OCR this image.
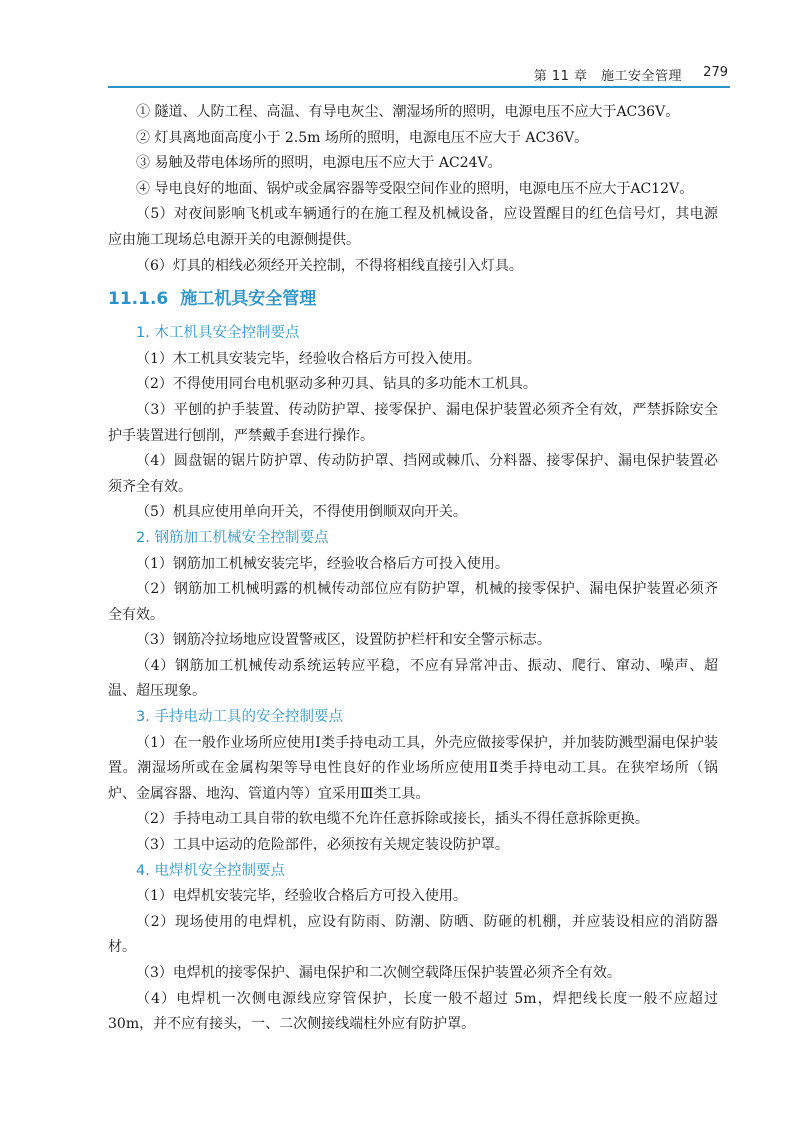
第 11 章　施工安全管理 279

① 隧道、人防工程、高温、有导电灰尘、潮湿场所的照明，电源电压不应大于AC36V。

② 灯具离地面高度小于 2.5m 场所的照明，电源电压不应大于 AC36V。

③ 易触及带电体场所的照明，电源电压不应大于 AC24V。

④ 导电良好的地面、锅炉或金属容器等受限空间作业的照明，电源电压不应大于AC12V。

（5）对夜间影响飞机或车辆通行的在施工程及机械设备，应设置醒目的红色信号灯，其电源应由施工现场总电源开关的电源侧提供。

（6）灯具的相线必须经开关控制，不得将相线直接引入灯具。

11.1.6 施工机具安全管理

1. 木工机具安全控制要点

（1）木工机具安装完毕，经验收合格后方可投入使用。

（2）不得使用同台电机驱动多种刃具、钻具的多功能木工机具。

（3）平刨的护手装置、传动防护罩、接零保护、漏电保护装置必须齐全有效，严禁拆除安全护手装置进行刨削，严禁戴手套进行操作。

（4）圆盘锯的锯片防护罩、传动防护罩、挡网或棘爪、分料器、接零保护、漏电保护装置必须齐全有效。

（5）机具应使用单向开关，不得使用倒顺双向开关。

2. 钢筋加工机械安全控制要点

（1）钢筋加工机械安装完毕，经验收合格后方可投入使用。

（2）钢筋加工机械明露的机械传动部位应有防护罩，机械的接零保护、漏电保护装置必须齐全有效。

（3）钢筋冷拉场地应设置警戒区，设置防护栏杆和安全警示标志。

（4）钢筋加工机械传动系统运转应平稳，不应有异常冲击、振动、爬行、窜动、噪声、超温、超压现象。

3. 手持电动工具的安全控制要点

（1）在一般作业场所应使用Ⅰ类手持电动工具，外壳应做接零保护，并加装防溅型漏电保护装置。潮湿场所或在金属构架等导电性良好的作业场所应使用Ⅱ类手持电动工具。在狭窄场所（锅炉、金属容器、地沟、管道内等）宜采用Ⅲ类工具。

（2）手持电动工具自带的软电缆不允许任意拆除或接长，插头不得任意拆除更换。

（3）工具中运动的危险部件，必须按有关规定装设防护罩。

4. 电焊机安全控制要点

（1）电焊机安装完毕，经验收合格后方可投入使用。

（2）现场使用的电焊机，应设有防雨、防潮、防晒、防砸的机棚，并应装设相应的消防器材。

（3）电焊机的接零保护、漏电保护和二次侧空载降压保护装置必须齐全有效。

（4）电焊机一次侧电源线应穿管保护，长度一般不超过 5m，焊把线长度一般不应超过 30m，并不应有接头，一、二次侧接线端柱外应有防护罩。
